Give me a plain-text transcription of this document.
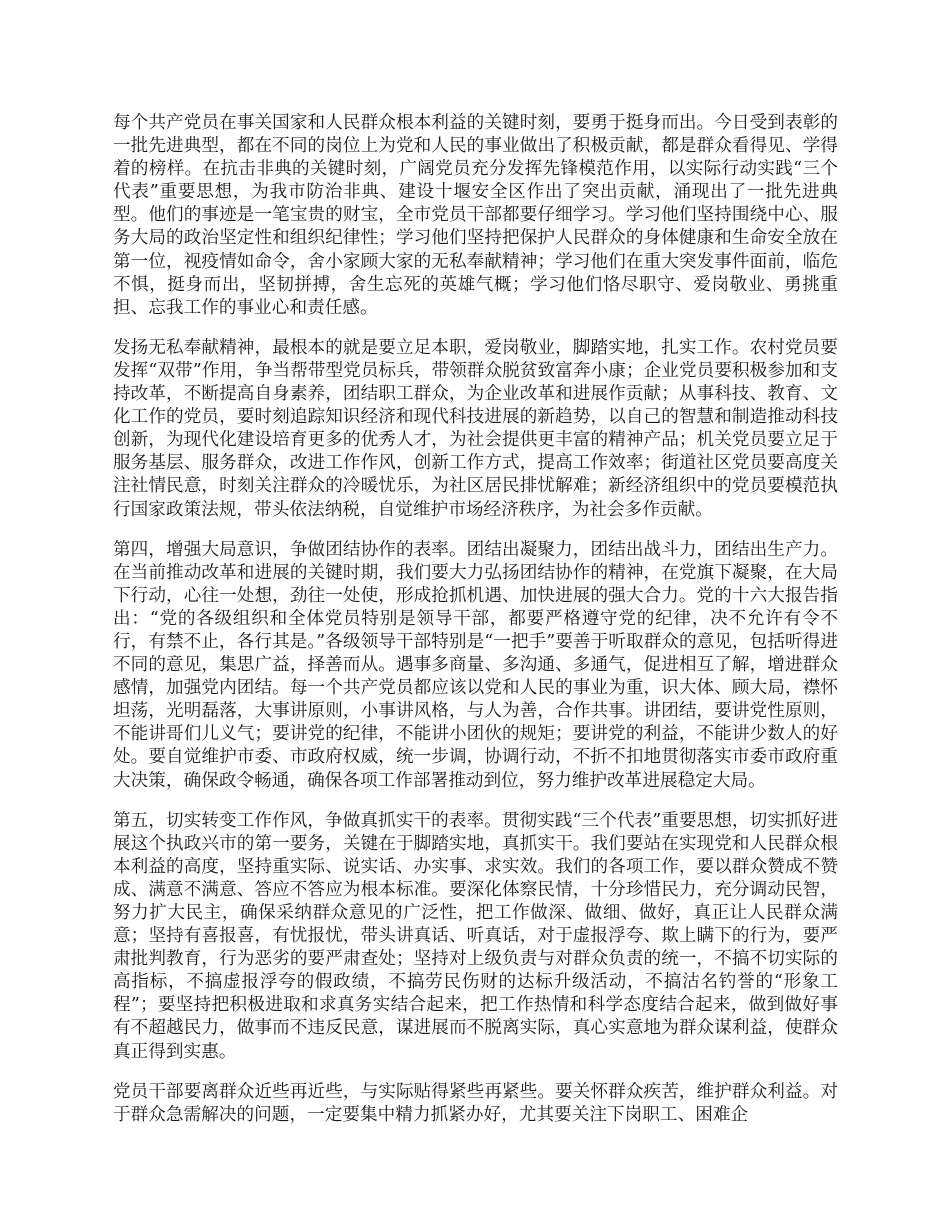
每个共产党员在事关国家和人民群众根本利益的关键时刻，要勇于挺身而出。今日受到表彰的一批先进典型，都在不同的岗位上为党和人民的事业做出了积极贡献，都是群众看得见、学得着的榜样。在抗击非典的关键时刻，广阔党员充分发挥先锋模范作用，以实际行动实践“三个代表”重要思想，为我市防治非典、建设十堰安全区作出了突出贡献，涌现出了一批先进典型。他们的事迹是一笔宝贵的财宝，全市党员干部都要仔细学习。学习他们坚持围绕中心、服务大局的政治坚定性和组织纪律性；学习他们坚持把保护人民群众的身体健康和生命安全放在第一位，视疫情如命令，舍小家顾大家的无私奉献精神；学习他们在重大突发事件面前，临危不惧，挺身而出，坚韧拼搏，舍生忘死的英雄气概；学习他们恪尽职守、爱岗敬业、勇挑重担、忘我工作的事业心和责任感。

发扬无私奉献精神，最根本的就是要立足本职，爱岗敬业，脚踏实地，扎实工作。农村党员要发挥“双带”作用，争当帮带型党员标兵，带领群众脱贫致富奔小康；企业党员要积极参加和支持改革，不断提高自身素养，团结职工群众，为企业改革和进展作贡献；从事科技、教育、文化工作的党员，要时刻追踪知识经济和现代科技进展的新趋势，以自己的智慧和制造推动科技创新，为现代化建设培育更多的优秀人才，为社会提供更丰富的精神产品；机关党员要立足于服务基层、服务群众，改进工作作风，创新工作方式，提高工作效率；街道社区党员要高度关注社情民意，时刻关注群众的冷暖忧乐，为社区居民排忧解难；新经济组织中的党员要模范执行国家政策法规，带头依法纳税，自觉维护市场经济秩序，为社会多作贡献。

第四，增强大局意识，争做团结协作的表率。团结出凝聚力，团结出战斗力，团结出生产力。在当前推动改革和进展的关键时期，我们要大力弘扬团结协作的精神，在党旗下凝聚，在大局下行动，心往一处想，劲往一处使，形成抢抓机遇、加快进展的强大合力。党的十六大报告指出：“党的各级组织和全体党员特别是领导干部，都要严格遵守党的纪律，决不允许有令不行，有禁不止，各行其是。”各级领导干部特别是“一把手”要善于听取群众的意见，包括听得进不同的意见，集思广益，择善而从。遇事多商量、多沟通、多通气，促进相互了解，增进群众感情，加强党内团结。每一个共产党员都应该以党和人民的事业为重，识大体、顾大局，襟怀坦荡，光明磊落，大事讲原则，小事讲风格，与人为善，合作共事。讲团结，要讲党性原则，不能讲哥们儿义气；要讲党的纪律，不能讲小团伙的规矩；要讲党的利益，不能讲少数人的好处。要自觉维护市委、市政府权威，统一步调，协调行动，不折不扣地贯彻落实市委市政府重大决策，确保政令畅通，确保各项工作部署推动到位，努力维护改革进展稳定大局。

第五，切实转变工作作风，争做真抓实干的表率。贯彻实践“三个代表”重要思想，切实抓好进展这个执政兴市的第一要务，关键在于脚踏实地，真抓实干。我们要站在实现党和人民群众根本利益的高度，坚持重实际、说实话、办实事、求实效。我们的各项工作，要以群众赞成不赞成、满意不满意、答应不答应为根本标准。要深化体察民情，十分珍惜民力，充分调动民智，努力扩大民主，确保采纳群众意见的广泛性，把工作做深、做细、做好，真正让人民群众满意；坚持有喜报喜，有忧报忧，带头讲真话、听真话，对于虚报浮夸、欺上瞒下的行为，要严肃批判教育，行为恶劣的要严肃查处；坚持对上级负责与对群众负责的统一，不搞不切实际的高指标，不搞虚报浮夸的假政绩，不搞劳民伤财的达标升级活动，不搞沽名钓誉的“形象工程”；要坚持把积极进取和求真务实结合起来，把工作热情和科学态度结合起来，做到做好事有不超越民力，做事而不违反民意，谋进展而不脱离实际，真心实意地为群众谋利益，使群众真正得到实惠。

党员干部要离群众近些再近些，与实际贴得紧些再紧些。要关怀群众疾苦，维护群众利益。对于群众急需解决的问题，一定要集中精力抓紧办好，尤其要关注下岗职工、困难企
